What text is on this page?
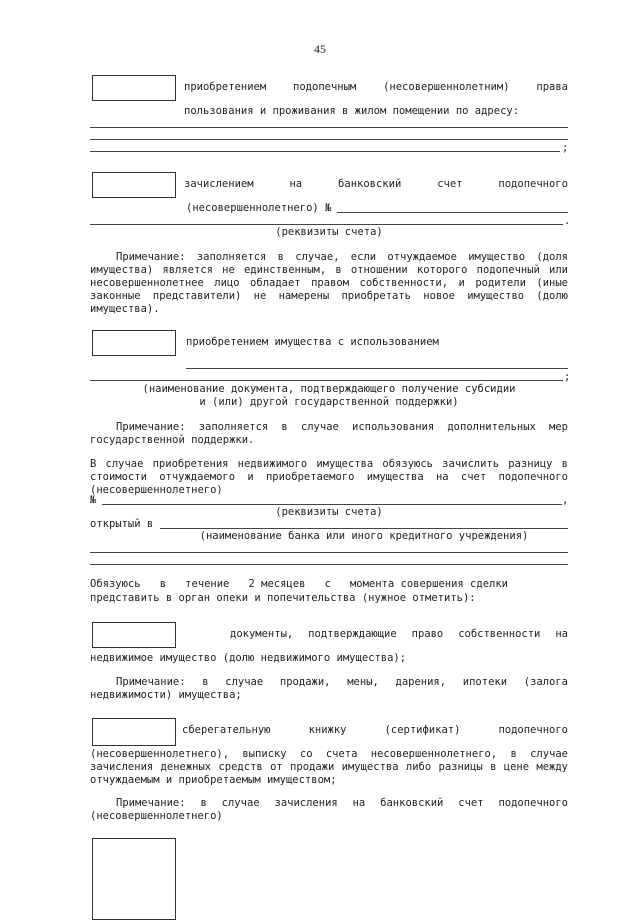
45
приобретением	подопечным	(несовершеннолетним)	права
пользования и проживания в жилом помещении по адресу:
;
зачислением	на	банковский	счет	подопечного
(несовершеннолетнего) №
.
(реквизиты счета)
Примечание: заполняется в случае, если отчуждаемое имущество (доля
имущества) является не единственным, в отношении которого подопечный или
несовершеннолетнее лицо обладает правом собственности, и родители (иные
законные представители) не намерены приобретать новое имущество (долю
имущества).
приобретением имущества с использованием
;
(наименование документа, подтверждающего получение субсидии
и (или) другой государственной поддержки)
Примечание: заполняется в случае использования дополнительных мер
государственной поддержки.
В случае приобретения недвижимого имущества обязуюсь зачислить разницу в
стоимости отчуждаемого и приобретаемого имущества на счет подопечного
(несовершеннолетнего)
№	,
(реквизиты счета)
открытый в
(наименование банка или иного кредитного учреждения)
Обязуюсь в течение 2 месяцев с момента совершения сделки
представить в орган опеки и попечительства (нужное отметить):
документы, подтверждающие право собственности на
недвижимое имущество (долю недвижимого имущества);
Примечание: в случае продажи, мены, дарения, ипотеки (залога
недвижимости) имущества;
сберегательную	книжку	(сертификат)	подопечного
(несовершеннолетнего), выписку со счета несовершеннолетнего, в случае
зачисления денежных средств от продажи имущества либо разницы в цене между
отчуждаемым и приобретаемым имуществом;
Примечание: в случае зачисления на банковский счет подопечного
(несовершеннолетнего)
